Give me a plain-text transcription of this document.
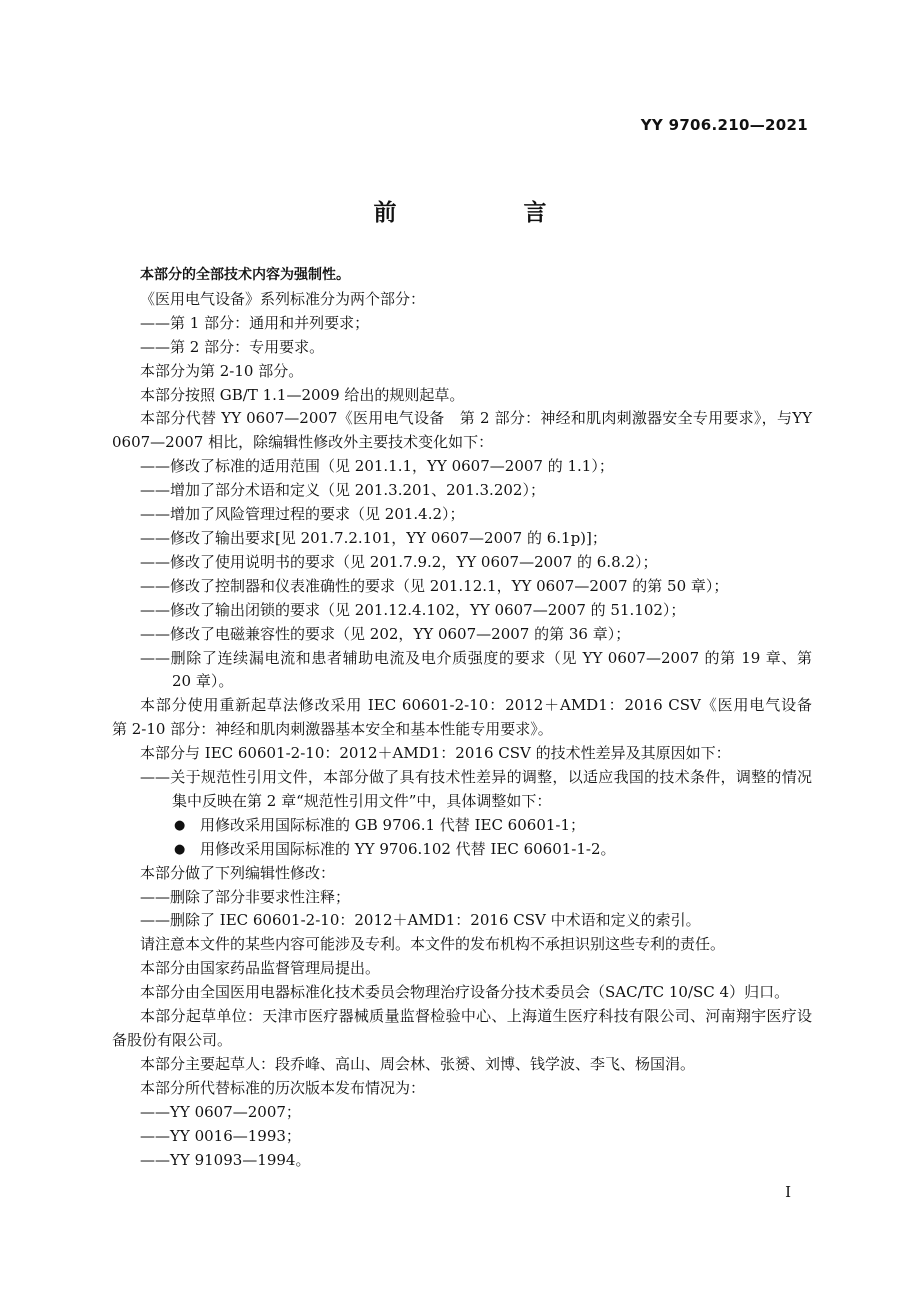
YY 9706.210—2021
前　言

本部分的全部技术内容为强制性。

《医用电气设备》系列标准分为两个部分：

——第 1 部分：通用和并列要求；

——第 2 部分：专用要求。

本部分为第 2-10 部分。

本部分按照 GB/T 1.1—2009 给出的规则起草。

本部分代替 YY 0607—2007《医用电气设备　第 2 部分：神经和肌肉刺激器安全专用要求》，与YY 0607—2007 相比，除编辑性修改外主要技术变化如下：

——修改了标准的适用范围（见 201.1.1，YY 0607—2007 的 1.1）；

——增加了部分术语和定义（见 201.3.201、201.3.202）；

——增加了风险管理过程的要求（见 201.4.2）；

——修改了输出要求[见 201.7.2.101，YY 0607—2007 的 6.1p)]；

——修改了使用说明书的要求（见 201.7.9.2，YY 0607—2007 的 6.8.2）；

——修改了控制器和仪表准确性的要求（见 201.12.1，YY 0607—2007 的第 50 章）；

——修改了输出闭锁的要求（见 201.12.4.102，YY 0607—2007 的 51.102）；

——修改了电磁兼容性的要求（见 202，YY 0607—2007 的第 36 章）；

——删除了连续漏电流和患者辅助电流及电介质强度的要求（见 YY 0607—2007 的第 19 章、第 20 章）。

本部分使用重新起草法修改采用 IEC 60601-2-10：2012＋AMD1：2016 CSV《医用电气设备　第 2-10 部分：神经和肌肉刺激器基本安全和基本性能专用要求》。

本部分与 IEC 60601-2-10：2012＋AMD1：2016 CSV 的技术性差异及其原因如下：

——关于规范性引用文件，本部分做了具有技术性差异的调整，以适应我国的技术条件，调整的情况集中反映在第 2 章“规范性引用文件”中，具体调整如下：

● 用修改采用国际标准的 GB 9706.1 代替 IEC 60601-1；

● 用修改采用国际标准的 YY 9706.102 代替 IEC 60601-1-2。

本部分做了下列编辑性修改：

——删除了部分非要求性注释；

——删除了 IEC 60601-2-10：2012＋AMD1：2016 CSV 中术语和定义的索引。

请注意本文件的某些内容可能涉及专利。本文件的发布机构不承担识别这些专利的责任。

本部分由国家药品监督管理局提出。

本部分由全国医用电器标准化技术委员会物理治疗设备分技术委员会（SAC/TC 10/SC 4）归口。

本部分起草单位：天津市医疗器械质量监督检验中心、上海道生医疗科技有限公司、河南翔宇医疗设备股份有限公司。

本部分主要起草人：段乔峰、高山、周会林、张赟、刘博、钱学波、李飞、杨国涓。

本部分所代替标准的历次版本发布情况为：

——YY 0607—2007；

——YY 0016—1993；

——YY 91093—1994。

I
